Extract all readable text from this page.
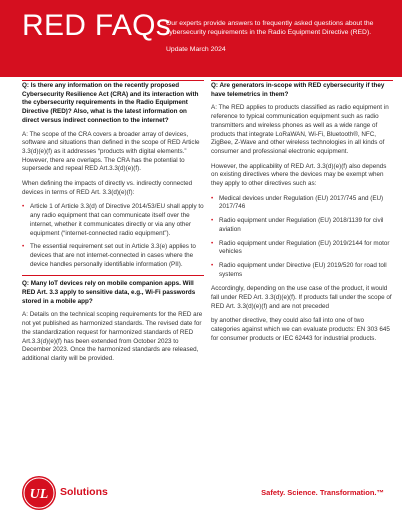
RED FAQs
Our experts provide answers to frequently asked questions about the cybersecurity requirements in the Radio Equipment Directive (RED).
Update March 2024

Q: Is there any information on the recently proposed Cybersecurity Resilience Act (CRA) and its interaction with the cybersecurity requirements in the Radio Equipment Directive (RED)? Also, what is the latest information on direct versus indirect connection to the internet?

A: The scope of the CRA covers a broader array of devices, software and situations than defined in the scope of RED Article 3.3(d)(e)(f) as it addresses “products with digital elements.” However, there are overlaps. The CRA has the potential to supersede and repeal RED Art.3.3(d)(e)(f).

When defining the impacts of directly vs. indirectly connected devices in terms of RED Art. 3.3(d)(e)(f):

• Article 1 of Article 3.3(d) of Directive 2014/53/EU shall apply to any radio equipment that can communicate itself over the internet, whether it communicates directly or via any other equipment (“internet-connected radio equipment”).
• The essential requirement set out in Article 3.3(e) applies to devices that are not internet-connected in cases where the device handles personally identifiable information (PII).

Q: Many IoT devices rely on mobile companion apps. Will RED Art. 3.3 apply to sensitive data, e.g., Wi-Fi passwords stored in a mobile app?

A: Details on the technical scoping requirements for the RED are not yet published as harmonized standards. The revised date for the standardization request for harmonized standards of RED Art.3.3(d)(e)(f) has been extended from October 2023 to December 2023. Once the harmonized standards are released, additional clarity will be provided.

Q: Are generators in-scope with RED cybersecurity if they have telemetrics in them?

A: The RED applies to products classified as radio equipment in reference to typical communication equipment such as radio transmitters and wireless phones as well as a wide range of products that integrate LoRaWAN, Wi-Fi, Bluetooth®, NFC, ZigBee, Z-Wave and other wireless technologies in all kinds of consumer and professional electronic equipment.

However, the applicability of RED Art. 3.3(d)(e)(f) also depends on existing directives where the devices may be exempt when they apply to other directives such as:

• Medical devices under Regulation (EU) 2017/745 and (EU) 2017/746
• Radio equipment under Regulation (EU) 2018/1139 for civil aviation
• Radio equipment under Regulation (EU) 2019/2144 for motor vehicles
• Radio equipment under Directive (EU) 2019/520 for road toll systems

Accordingly, depending on the use case of the product, it would fall under RED Art. 3.3(d)(e)(f). If products fall under the scope of RED Art. 3.3(d)(e)(f) and are not preceded

by another directive, they could also fall into one of two categories against which we can evaluate products: EN 303 645 for consumer products or IEC 62443 for industrial products.

UL Solutions	Safety. Science. Transformation.™
